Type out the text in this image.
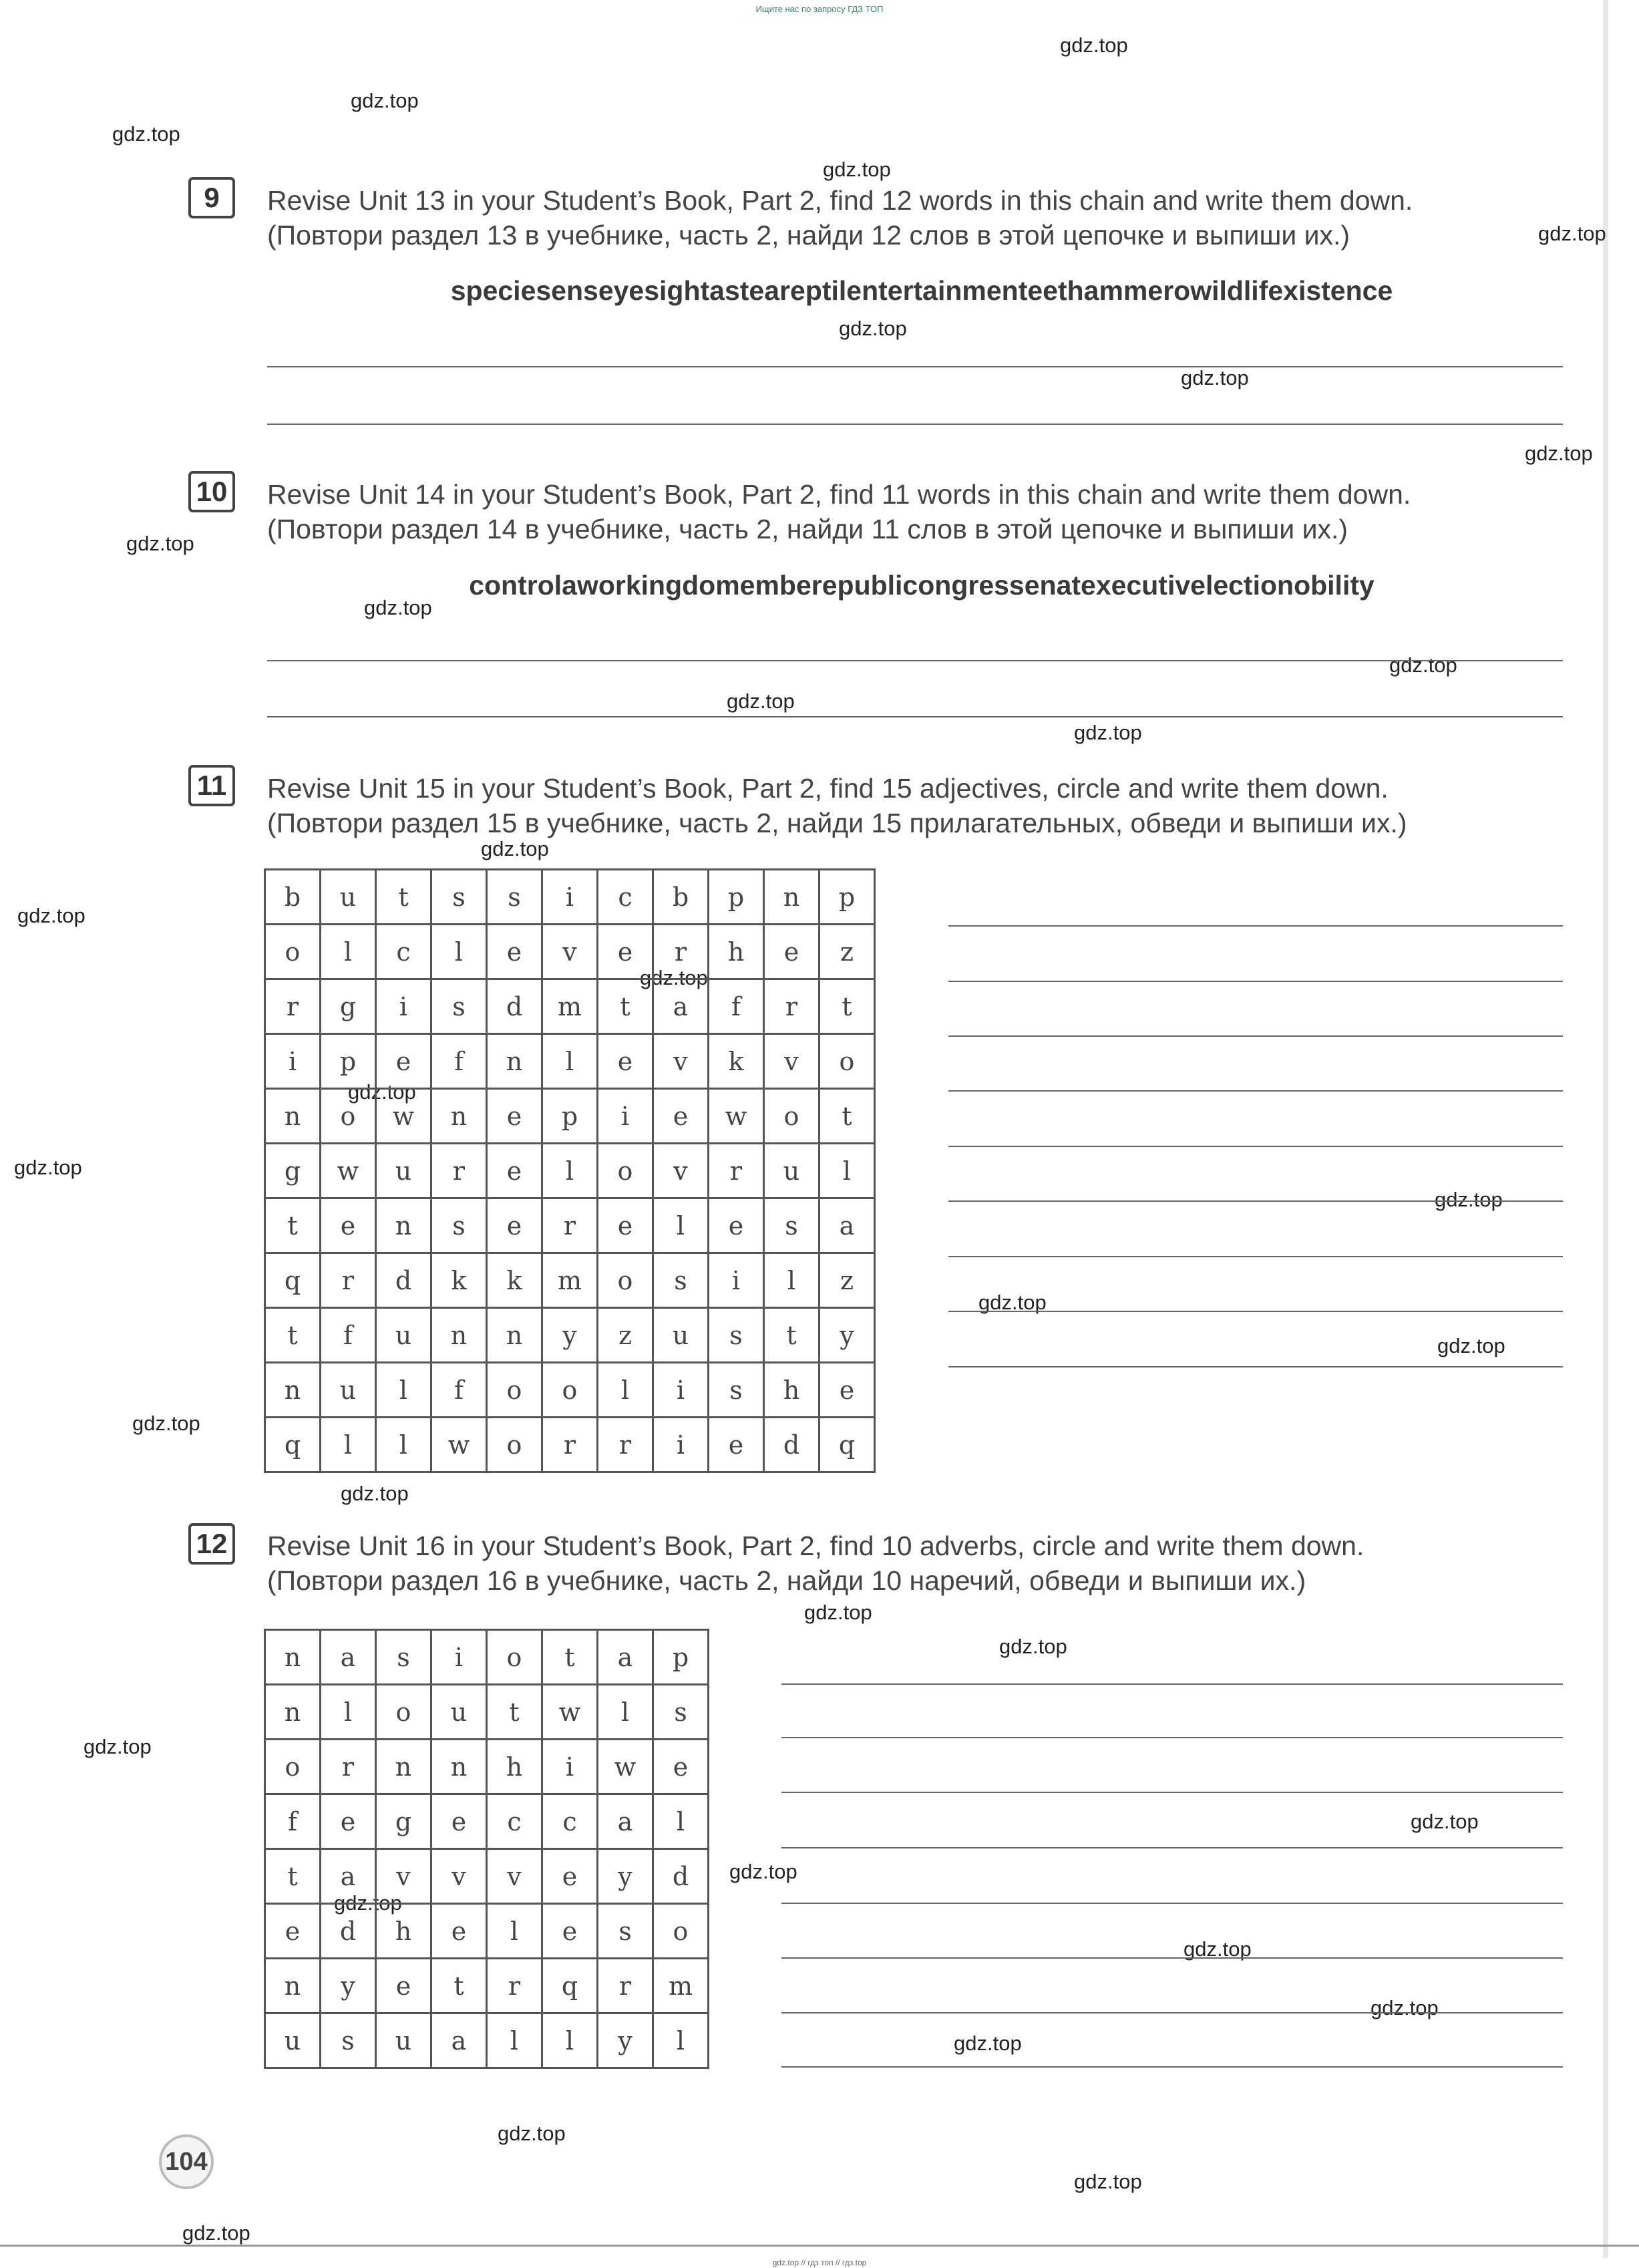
Ищите нас по запросу ГДЗ ТОП
gdz.top
gdz.top
gdz.top
gdz.top
gdz.top
gdz.top
gdz.top
gdz.top
gdz.top
gdz.top
gdz.top
gdz.top
gdz.top
gdz.top
gdz.top
gdz.top
gdz.top
gdz.top
gdz.top
gdz.top
gdz.top
gdz.top
gdz.top
gdz.top
gdz.top
gdz.top
gdz.top
gdz.top
gdz.top
gdz.top
gdz.top
gdz.top
gdz.top
gdz.top
gdz.top
9	Revise Unit 13 in your Student’s Book, Part 2, find 12 words in this chain and write them down.
(Повтори раздел 13 в учебнике, часть 2, найди 12 слов в этой цепочке и выпиши их.)
speciesenseyesightasteareptilentertainmenteethammerowildlifexistence
10 Revise Unit 14 in your Student’s Book, Part 2, find 11 words in this chain and write them down.
(Повтори раздел 14 в учебнике, часть 2, найди 11 слов в этой цепочке и выпиши их.)
controlaworkingdomemberepublicongressenatexecutivelectionobility
11	Revise Unit 15 in your Student’s Book, Part 2, find 15 adjectives, circle and write them down.
(Повтори раздел 15 в учебнике, часть 2, найди 15 прилагательных, обведи и выпиши их.)
b	u	t	s	s	i	c	b	p	n	p
o	l	c	l	e	v	e	r	h	e	z
r	g	i	s	d	m	t	a	f	r	t
i	p	e	f	n	l	e	v	k	v	o
n	o	w	n	e	p	i	e	w	o	t
g	w	u	r	e	l	o	v	r	u	l
t	e	n	s	e	r	e	l	e	s	a
q	r	d	k	k	m	o	s	i	l	z
t	f	u	n	n	y	z	u	s	t	y
n	u	l	f	o	o	l	i	s	h	e
q	l	l	w	o	r	r	i	e	d	q
12 Revise Unit 16 in your Student’s Book, Part 2, find 10 adverbs, circle and write them down.
(Повтори раздел 16 в учебнике, часть 2, найди 10 наречий, обведи и выпиши их.)
n	a	s	i	o	t	a	p
n	l	o	u	t	w	l	s
o	r	n	n	h	i	w	e
f	e	g	e	c	c	a	l
t	a	v	v	v	e	y	d
e	d	h	e	l	e	s	o
n	y	e	t	r	q	r	m
u	s	u	a	l	l	y	l
104
gdz.top // гдз топ // гдз.top
